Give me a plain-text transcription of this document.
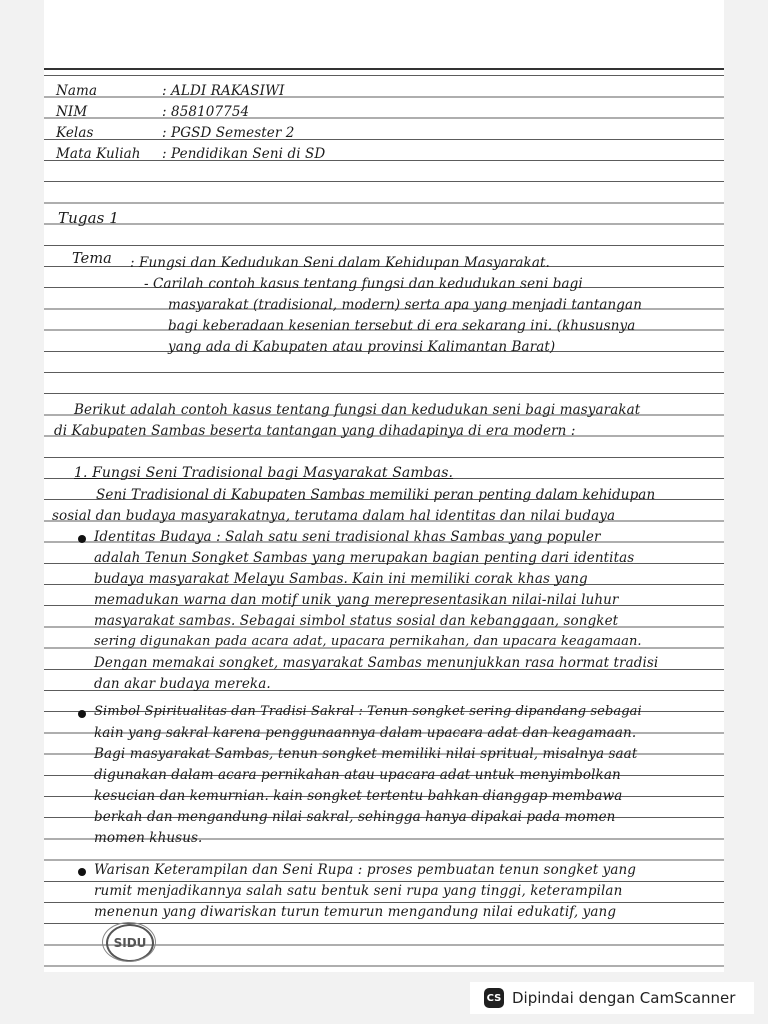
Nama	: ALDI RAKASIWI
NIM	: 858107754
Kelas	: PGSD Semester 2
Mata Kuliah : Pendidikan Seni di SD
Tugas 1
Tema : Fungsi dan Kedudukan Seni dalam Kehidupan Masyarakat.
- Carilah contoh kasus tentang fungsi dan kedudukan seni bagi
masyarakat (tradisional, modern) serta apa yang menjadi tantangan
bagi keberadaan kesenian tersebut di era sekarang ini. (khususnya
yang ada di Kabupaten atau provinsi Kalimantan Barat)
Berikut adalah contoh kasus tentang fungsi dan kedudukan seni bagi masyarakat
di Kabupaten Sambas beserta tantangan yang dihadapinya di era modern :
1. Fungsi Seni Tradisional bagi Masyarakat Sambas.
Seni Tradisional di Kabupaten Sambas memiliki peran penting dalam kehidupan
sosial dan budaya masyarakatnya, terutama dalam hal identitas dan nilai budaya
Identitas Budaya : Salah satu seni tradisional khas Sambas yang populer
adalah Tenun Songket Sambas yang merupakan bagian penting dari identitas
budaya masyarakat Melayu Sambas. Kain ini memiliki corak khas yang
memadukan warna dan motif unik yang merepresentasikan nilai-nilai luhur
masyarakat sambas. Sebagai simbol status sosial dan kebanggaan, songket
sering digunakan pada acara adat, upacara pernikahan, dan upacara keagamaan.
Dengan memakai songket, masyarakat Sambas menunjukkan rasa hormat tradisi
dan akar budaya mereka.
Simbol Spiritualitas dan Tradisi Sakral : Tenun songket sering dipandang sebagai
kain yang sakral karena penggunaannya dalam upacara adat dan keagamaan.
Bagi masyarakat Sambas, tenun songket memiliki nilai spritual, misalnya saat
digunakan dalam acara pernikahan atau upacara adat untuk menyimbolkan
kesucian dan kemurnian. kain songket tertentu bahkan dianggap membawa
berkah dan mengandung nilai sakral, sehingga hanya dipakai pada momen
momen khusus.
Warisan Keterampilan dan Seni Rupa : proses pembuatan tenun songket yang
rumit menjadikannya salah satu bentuk seni rupa yang tinggi, keterampilan
menenun yang diwariskan turun temurun mengandung nilai edukatif, yang
SIDU
CS Dipindai dengan CamScanner
